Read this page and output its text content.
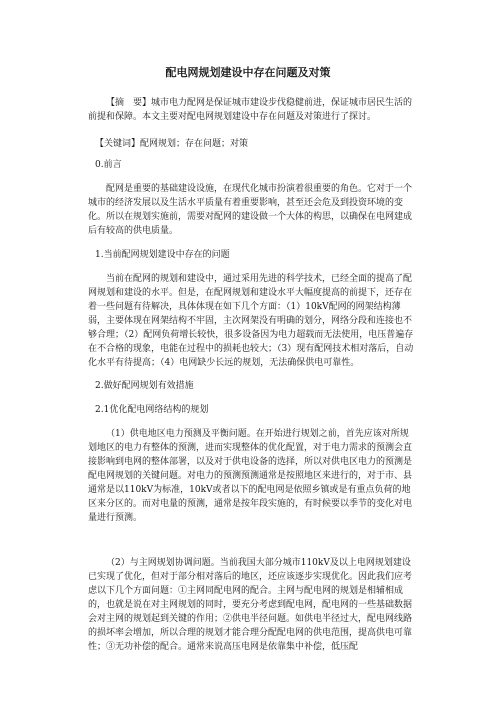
配电网规划建设中存在问题及对策

【摘　要】城市电力配网是保证城市建设步伐稳健前进，保证城市居民生活的前提和保障。本文主要对配电网规划建设中存在问题及对策进行了探讨。

【关键词】配网规划；存在问题；对策

0.前言

配网是重要的基础建设设施，在现代化城市扮演着很重要的角色。它对于一个城市的经济发展以及生活水平质量有着重要影响，甚至还会危及到投资环境的变化。所以在规划实施前，需要对配网的建设做一个大体的构思，以确保在电网建成后有较高的供电质量。

1.当前配网规划建设中存在的问题

当前在配网的规划和建设中，通过采用先进的科学技术，已经全面的提高了配网规划和建设的水平。但是，在配网规划和建设水平大幅度提高的前提下，还存在着一些问题有待解决，具体体现在如下几个方面：（1）10kV配网的网架结构薄弱，主要体现在网架结构不牢固，主次网架没有明确的划分，网络分段和连接也不够合理；（2）配网负荷增长较快，很多设备因为电力超载而无法使用，电压普遍存在不合格的现象，电能在过程中的损耗也较大；（3）现有配网技术相对落后，自动化水平有待提高；（4）电网缺少长远的规划，无法确保供电可靠性。

2.做好配网规划有效措施

2.1优化配电网络结构的规划

（1）供电地区电力预测及平衡问题。在开始进行规划之前，首先应该对所规划地区的电力有整体的预测，进而实现整体的优化配置，对于电力需求的预测会直接影响到电网的整体部署，以及对于供电设备的选择，所以对供电区电力的预测是配电网规划的关键问题。对电力的预测预测通常是按照地区来进行的，对于市、县通常是以110kV为标准，10kV或者以下的配电网是依照乡镇或是有重点负荷的地区来分区的。而对电量的预测，通常是按年段实施的，有时候要以季节的变化对电量进行预测。

（2）与主网规划协调问题。当前我国大部分城市110kV及以上电网规划建设已实现了优化，但对于部分相对落后的地区，还应该逐步实现优化。因此我们应考虑以下几个方面问题：①主网同配电网的配合。主网与配电网的规划是相辅相成的，也就是说在对主网规划的同时，要充分考虑到配电网，配电网的一些基础数据会对主网的规划起到关键的作用；②供电半径问题。如供电半径过大，配电网线路的损坏率会增加，所以合理的规划才能合理分配配电网的供电范围，提高供电可靠性；③无功补偿的配合。通常来说高压电网是依靠集中补偿，低压配
